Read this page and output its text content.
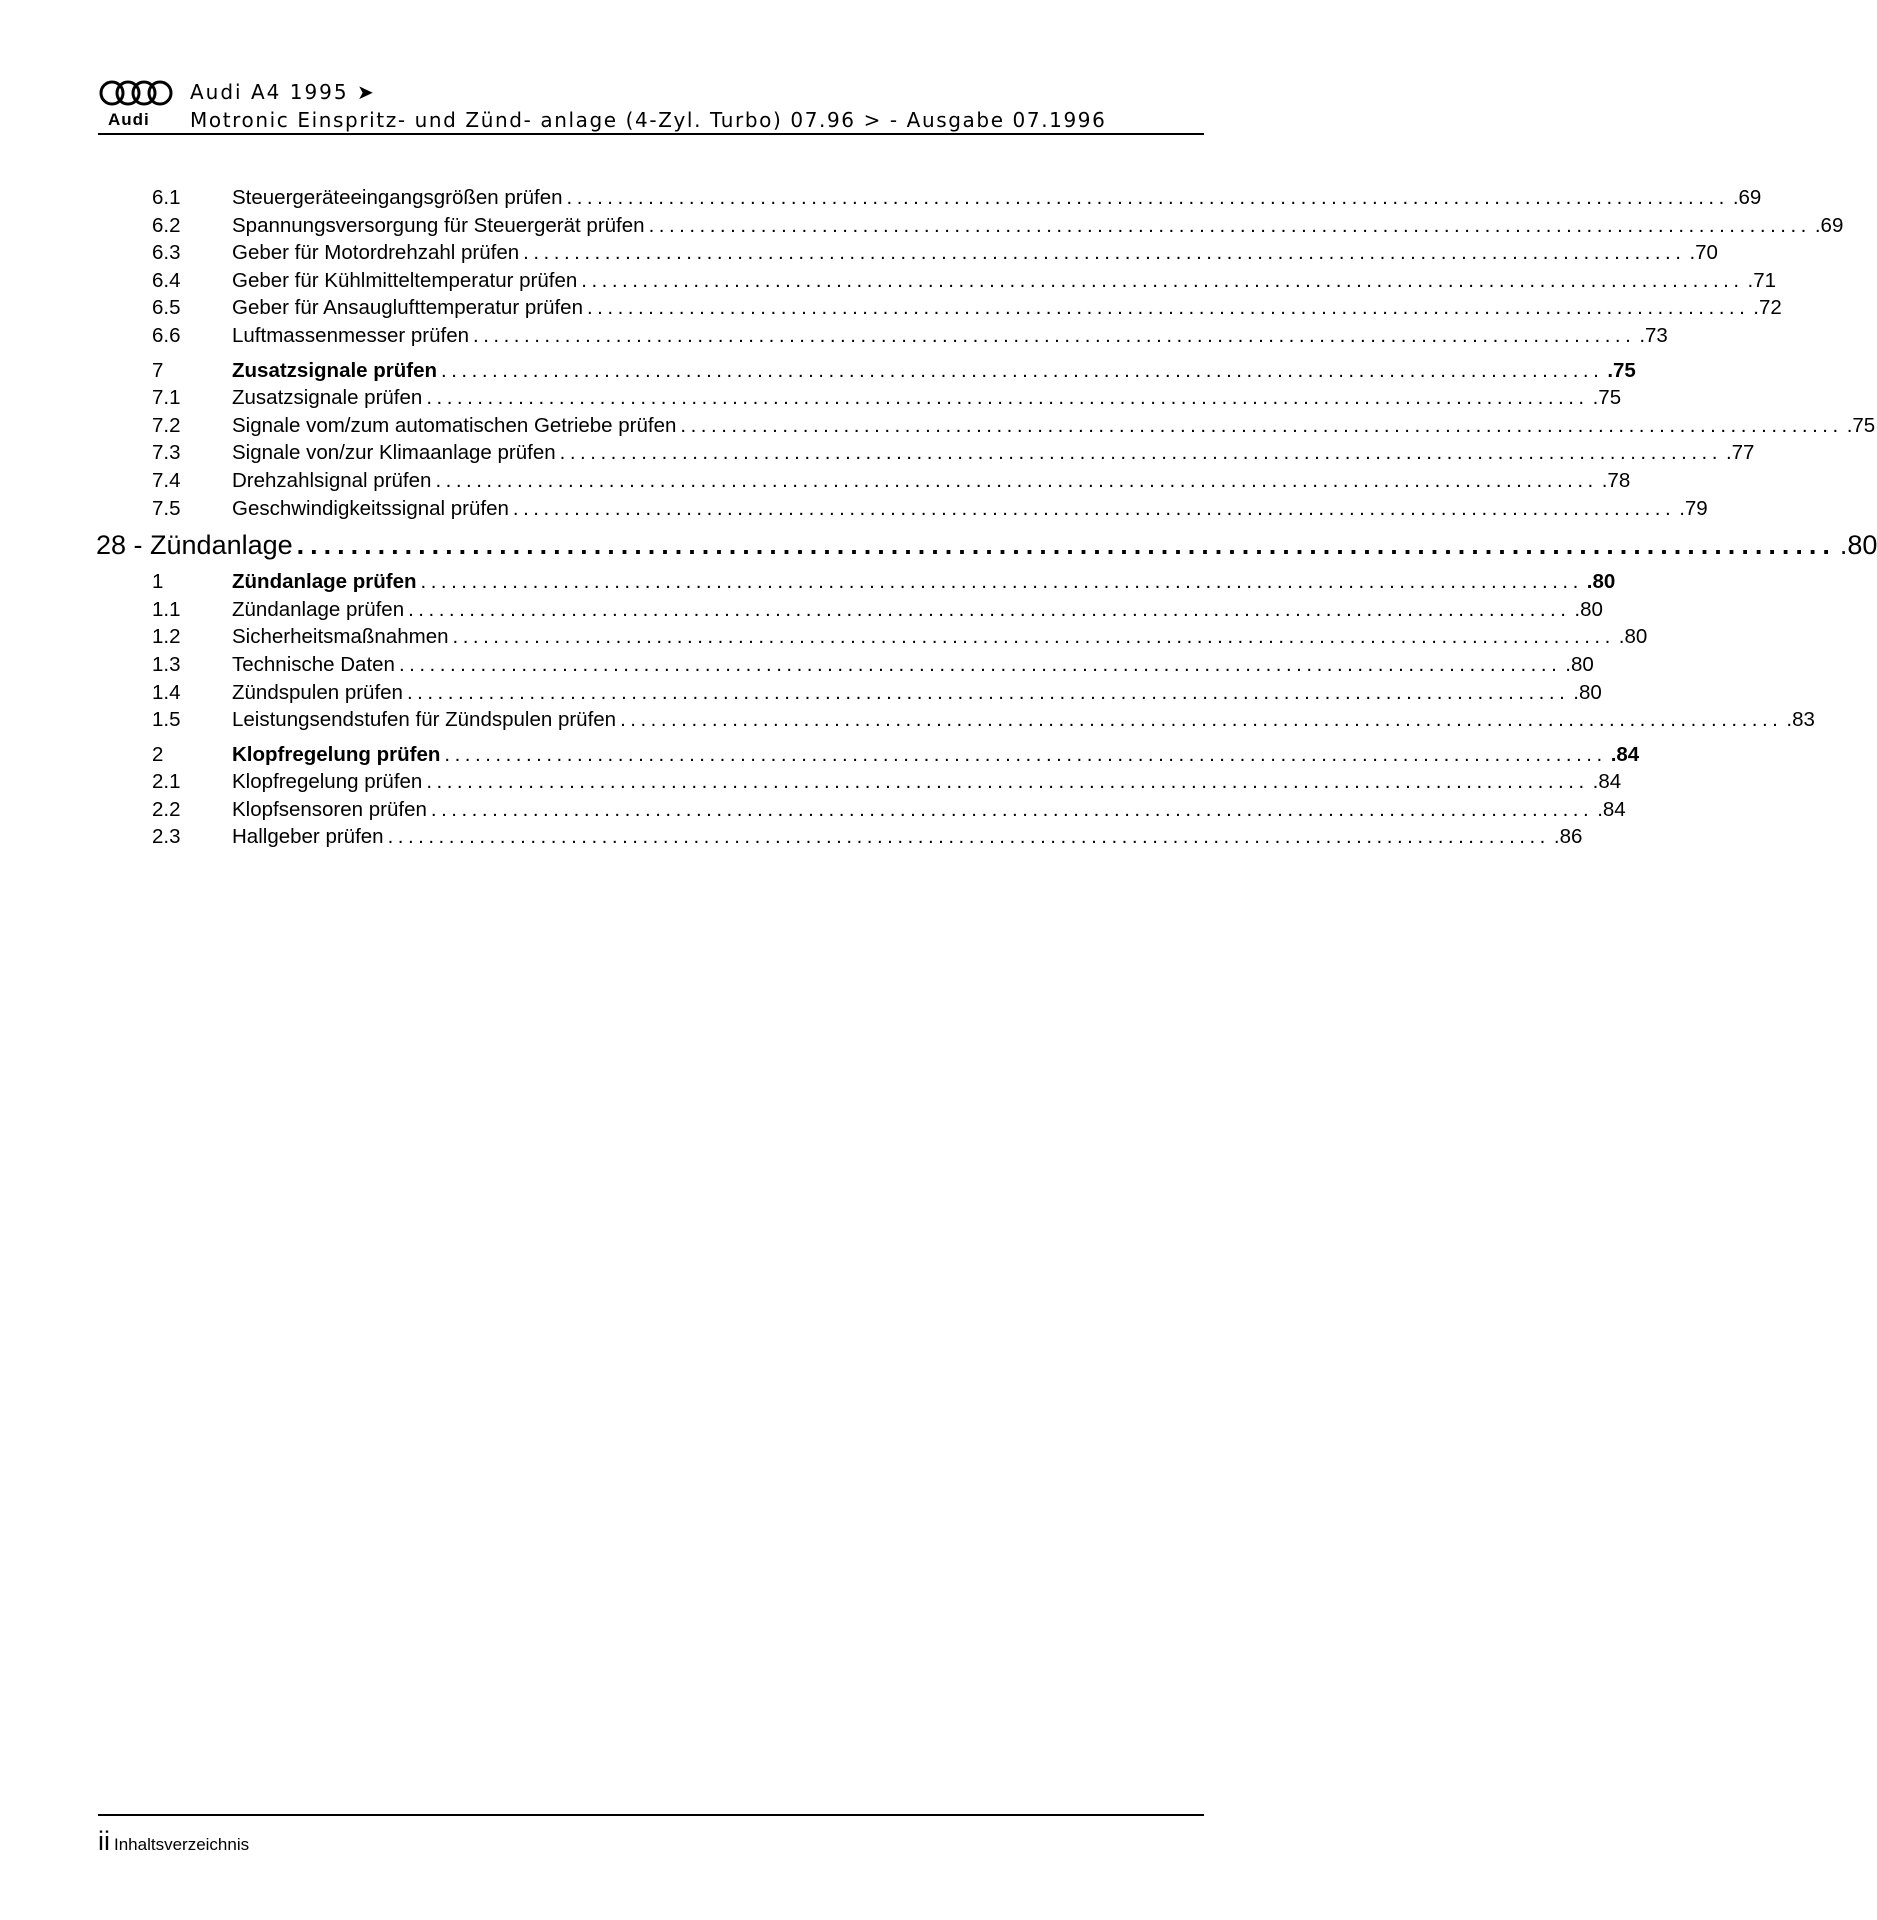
Audi
Audi A4 1995 ➤
Motronic Einspritz- und Zünd- anlage (4-Zyl. Turbo) 07.96 > - Ausgabe 07.1996
6.1	Steuergeräteeingangsgrößen prüfen .................................................................................................................. .69
6.2	Spannungsversorgung für Steuergerät prüfen .................................................................................................................. .69
6.3	Geber für Motordrehzahl prüfen .................................................................................................................. .70
6.4	Geber für Kühlmitteltemperatur prüfen .................................................................................................................. .71
6.5	Geber für Ansauglufttemperatur prüfen .................................................................................................................. .72
6.6	Luftmassenmesser prüfen .................................................................................................................. .73
7	Zusatzsignale prüfen .................................................................................................................. .75
7.1	Zusatzsignale prüfen .................................................................................................................. .75
7.2	Signale vom/zum automatischen Getriebe prüfen .................................................................................................................. .75
7.3	Signale von/zur Klimaanlage prüfen .................................................................................................................. .77
7.4	Drehzahlsignal prüfen .................................................................................................................. .78
7.5	Geschwindigkeitssignal prüfen .................................................................................................................. .79
28 - Zündanlage .................................................................................................................. .80
1	Zündanlage prüfen .................................................................................................................. .80
1.1	Zündanlage prüfen .................................................................................................................. .80
1.2	Sicherheitsmaßnahmen .................................................................................................................. .80
1.3	Technische Daten .................................................................................................................. .80
1.4	Zündspulen prüfen .................................................................................................................. .80
1.5	Leistungsendstufen für Zündspulen prüfen .................................................................................................................. .83
2	Klopfregelung prüfen .................................................................................................................. .84
2.1	Klopfregelung prüfen .................................................................................................................. .84
2.2	Klopfsensoren prüfen .................................................................................................................. .84
2.3	Hallgeber prüfen .................................................................................................................. .86
ii Inhaltsverzeichnis
